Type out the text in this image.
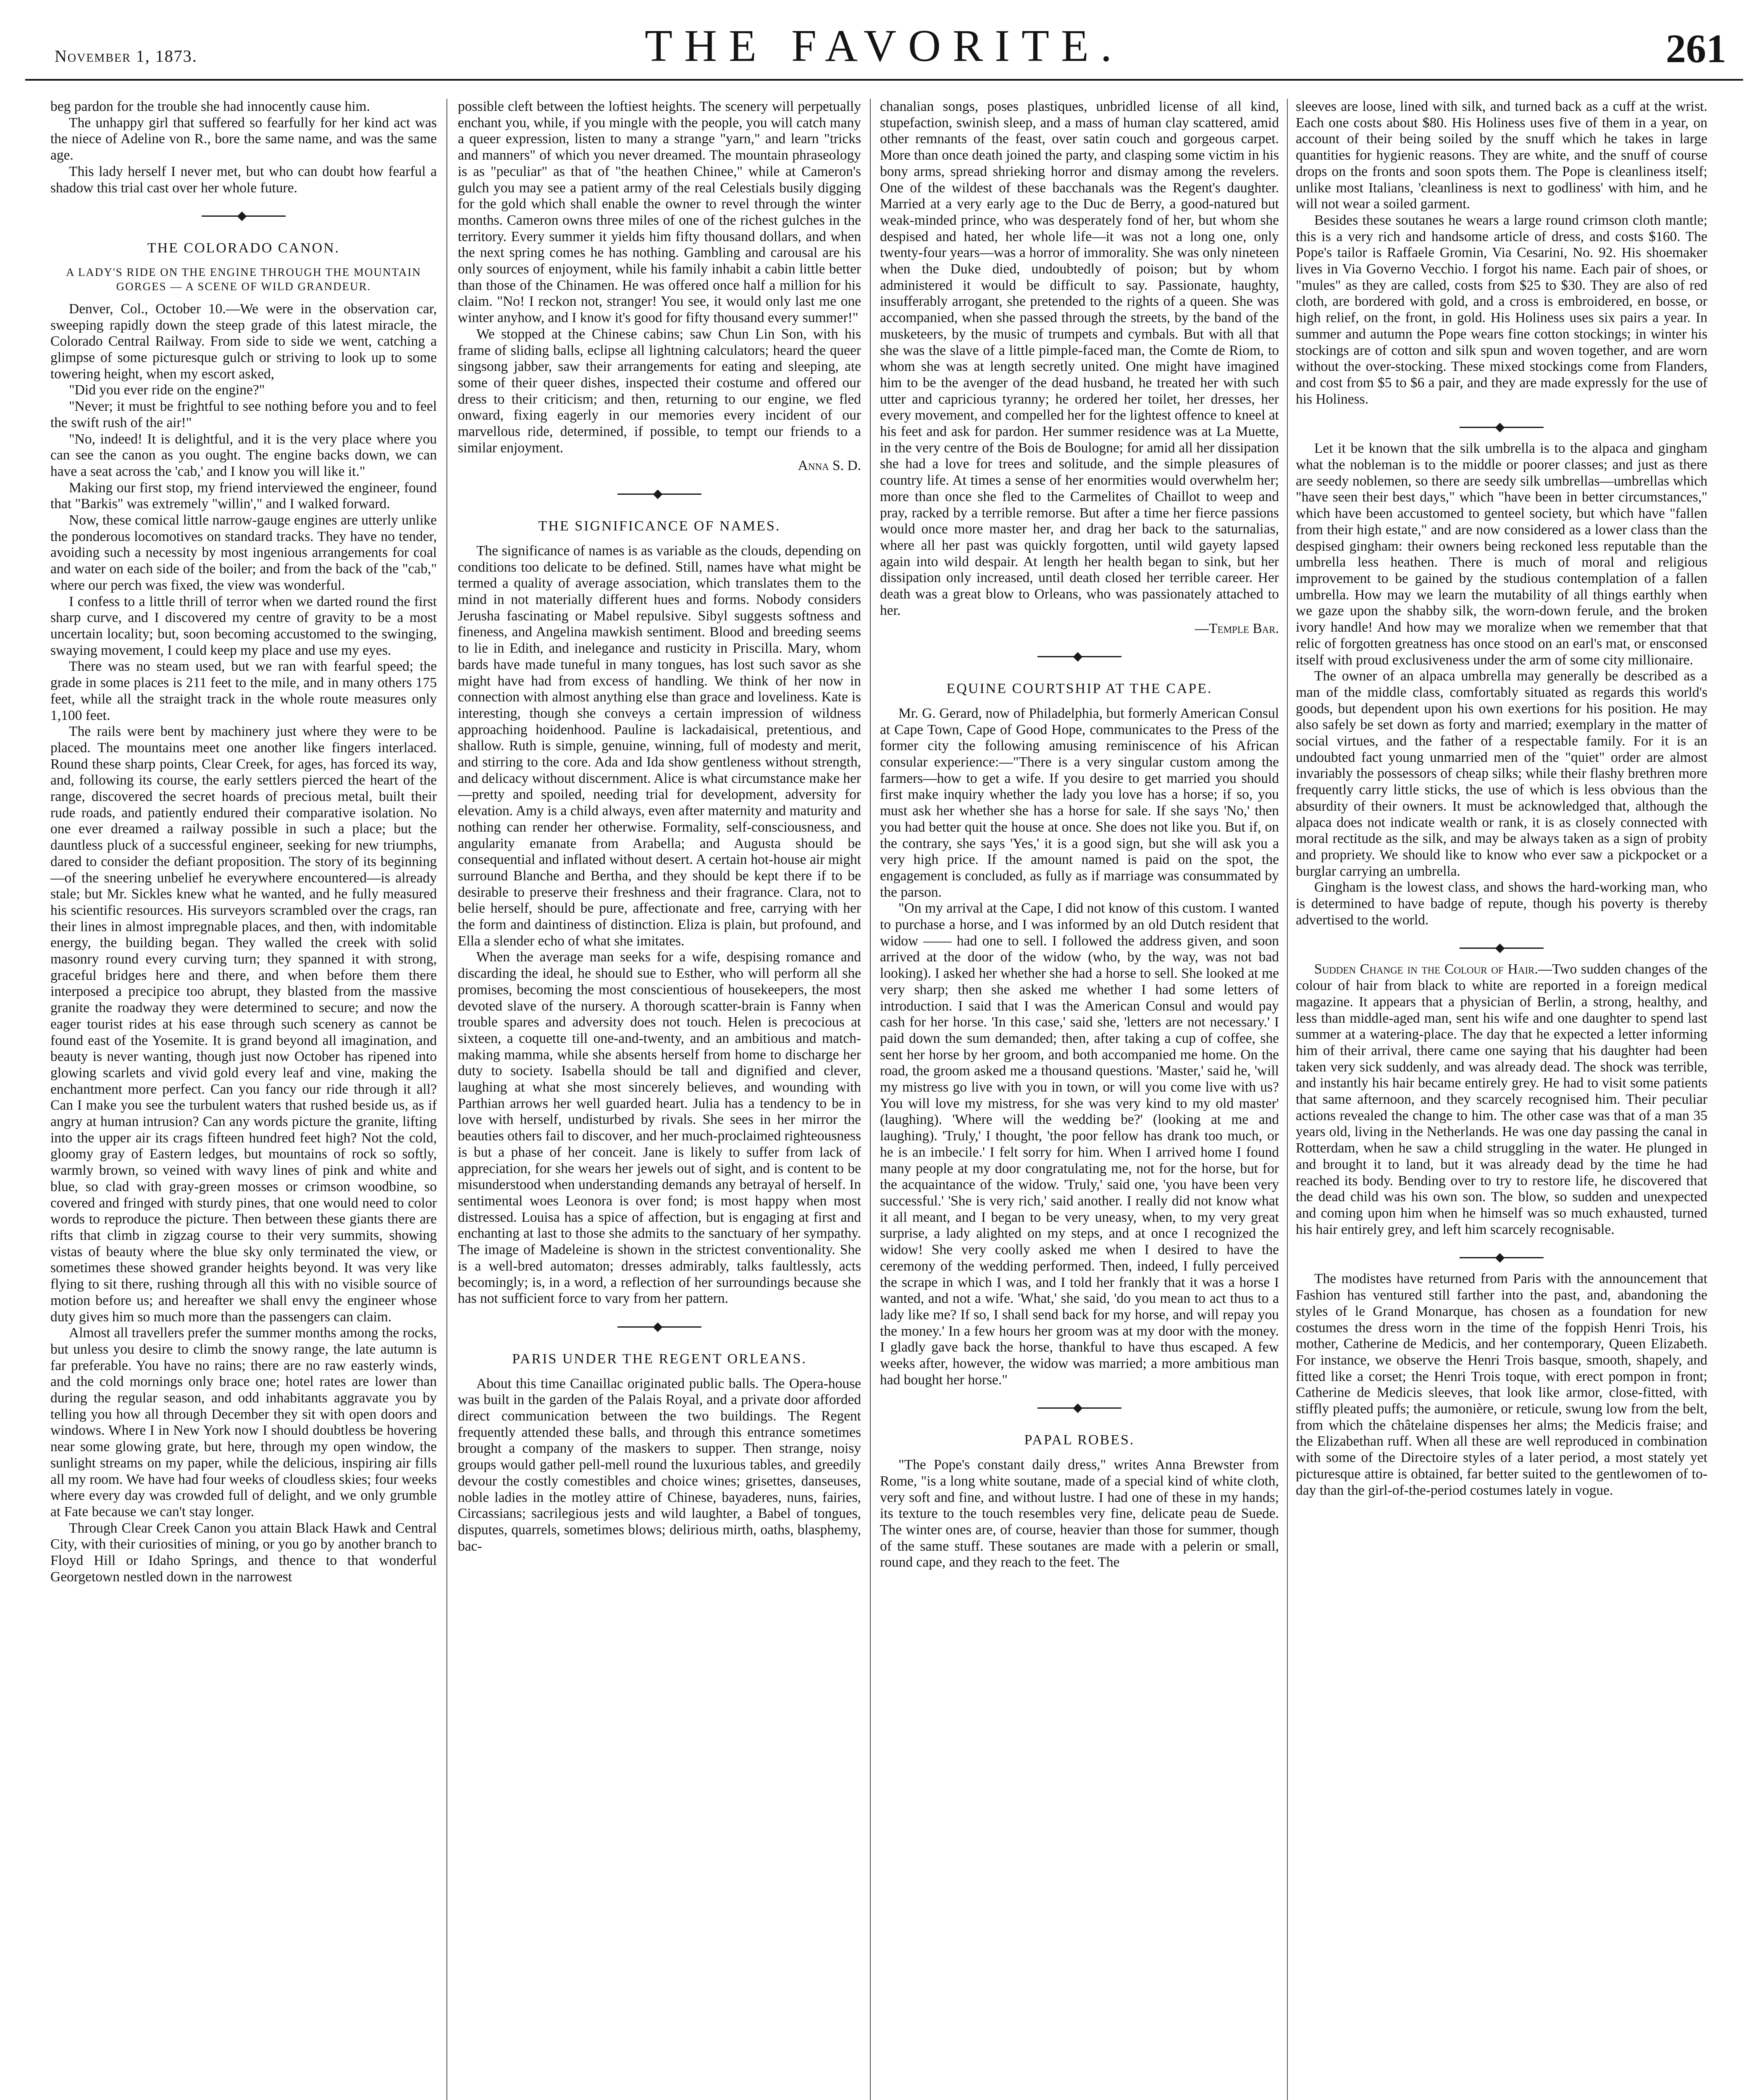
November 1, 1873.	THE FAVORITE.	261

beg pardon for the trouble she had innocently cause him.

The unhappy girl that suffered so fearfully for her kind act was the niece of Adeline von R., bore the same name, and was the same age.

This lady herself I never met, but who can doubt how fearful a shadow this trial cast over her whole future.

THE COLORADO CANON.
A LADY'S RIDE ON THE ENGINE THROUGH THE MOUNTAIN GORGES — A SCENE OF WILD GRANDEUR.

Denver, Col., October 10.—We were in the observation car, sweeping rapidly down the steep grade of this latest miracle, the Colorado Central Railway. From side to side we went, catching a glimpse of some picturesque gulch or striving to look up to some towering height, when my escort asked,

"Did you ever ride on the engine?"

"Never; it must be frightful to see nothing before you and to feel the swift rush of the air!"

"No, indeed! It is delightful, and it is the very place where you can see the canon as you ought. The engine backs down, we can have a seat across the 'cab,' and I know you will like it."

Making our first stop, my friend interviewed the engineer, found that "Barkis" was extremely "willin'," and I walked forward.

Now, these comical little narrow-gauge engines are utterly unlike the ponderous locomotives on standard tracks. They have no tender, avoiding such a necessity by most ingenious arrangements for coal and water on each side of the boiler; and from the back of the "cab," where our perch was fixed, the view was wonderful.

I confess to a little thrill of terror when we darted round the first sharp curve, and I discovered my centre of gravity to be a most uncertain locality; but, soon becoming accustomed to the swinging, swaying movement, I could keep my place and use my eyes.

There was no steam used, but we ran with fearful speed; the grade in some places is 211 feet to the mile, and in many others 175 feet, while all the straight track in the whole route measures only 1,100 feet.

The rails were bent by machinery just where they were to be placed. The mountains meet one another like fingers interlaced. Round these sharp points, Clear Creek, for ages, has forced its way, and, following its course, the early settlers pierced the heart of the range, discovered the secret hoards of precious metal, built their rude roads, and patiently endured their comparative isolation. No one ever dreamed a railway possible in such a place; but the dauntless pluck of a successful engineer, seeking for new triumphs, dared to consider the defiant proposition. The story of its beginning—of the sneering unbelief he everywhere encountered—is already stale; but Mr. Sickles knew what he wanted, and he fully measured his scientific resources. His surveyors scrambled over the crags, ran their lines in almost impregnable places, and then, with indomitable energy, the building began. They walled the creek with solid masonry round every curving turn; they spanned it with strong, graceful bridges here and there, and when before them there interposed a precipice too abrupt, they blasted from the massive granite the roadway they were determined to secure; and now the eager tourist rides at his ease through such scenery as cannot be found east of the Yosemite. It is grand beyond all imagination, and beauty is never wanting, though just now October has ripened into glowing scarlets and vivid gold every leaf and vine, making the enchantment more perfect. Can you fancy our ride through it all? Can I make you see the turbulent waters that rushed beside us, as if angry at human intrusion? Can any words picture the granite, lifting into the upper air its crags fifteen hundred feet high? Not the cold, gloomy gray of Eastern ledges, but mountains of rock so softly, warmly brown, so veined with wavy lines of pink and white and blue, so clad with gray-green mosses or crimson woodbine, so covered and fringed with sturdy pines, that one would need to color words to reproduce the picture. Then between these giants there are rifts that climb in zigzag course to their very summits, showing vistas of beauty where the blue sky only terminated the view, or sometimes these showed grander heights beyond. It was very like flying to sit there, rushing through all this with no visible source of motion before us; and hereafter we shall envy the engineer whose duty gives him so much more than the passengers can claim.

Almost all travellers prefer the summer months among the rocks, but unless you desire to climb the snowy range, the late autumn is far preferable. You have no rains; there are no raw easterly winds, and the cold mornings only brace one; hotel rates are lower than during the regular season, and odd inhabitants aggravate you by telling you how all through December they sit with open doors and windows. Where I in New York now I should doubtless be hovering near some glowing grate, but here, through my open window, the sunlight streams on my paper, while the delicious, inspiring air fills all my room. We have had four weeks of cloudless skies; four weeks where every day was crowded full of delight, and we only grumble at Fate because we can't stay longer.

Through Clear Creek Canon you attain Black Hawk and Central City, with their curiosities of mining, or you go by another branch to Floyd Hill or Idaho Springs, and thence to that wonderful Georgetown nestled down in the narrowest

possible cleft between the loftiest heights. The scenery will perpetually enchant you, while, if you mingle with the people, you will catch many a queer expression, listen to many a strange "yarn," and learn "tricks and manners" of which you never dreamed. The mountain phraseology is as "peculiar" as that of "the heathen Chinee," while at Cameron's gulch you may see a patient army of the real Celestials busily digging for the gold which shall enable the owner to revel through the winter months. Cameron owns three miles of one of the richest gulches in the territory. Every summer it yields him fifty thousand dollars, and when the next spring comes he has nothing. Gambling and carousal are his only sources of enjoyment, while his family inhabit a cabin little better than those of the Chinamen. He was offered once half a million for his claim. "No! I reckon not, stranger! You see, it would only last me one winter anyhow, and I know it's good for fifty thousand every summer!"

We stopped at the Chinese cabins; saw Chun Lin Son, with his frame of sliding balls, eclipse all lightning calculators; heard the queer singsong jabber, saw their arrangements for eating and sleeping, ate some of their queer dishes, inspected their costume and offered our dress to their criticism; and then, returning to our engine, we fled onward, fixing eagerly in our memories every incident of our marvellous ride, determined, if possible, to tempt our friends to a similar enjoyment.

Anna S. D.
THE SIGNIFICANCE OF NAMES.

The significance of names is as variable as the clouds, depending on conditions too delicate to be defined. Still, names have what might be termed a quality of average association, which translates them to the mind in not materially different hues and forms. Nobody considers Jerusha fascinating or Mabel repulsive. Sibyl suggests softness and fineness, and Angelina mawkish sentiment. Blood and breeding seems to lie in Edith, and inelegance and rusticity in Priscilla. Mary, whom bards have made tuneful in many tongues, has lost such savor as she might have had from excess of handling. We think of her now in connection with almost anything else than grace and loveliness. Kate is interesting, though she conveys a certain impression of wildness approaching hoidenhood. Pauline is lackadaisical, pretentious, and shallow. Ruth is simple, genuine, winning, full of modesty and merit, and stirring to the core. Ada and Ida show gentleness without strength, and delicacy without discernment. Alice is what circumstance make her —pretty and spoiled, needing trial for development, adversity for elevation. Amy is a child always, even after maternity and maturity and nothing can render her otherwise. Formality, self-consciousness, and angularity emanate from Arabella; and Augusta should be consequential and inflated without desert. A certain hot-house air might surround Blanche and Bertha, and they should be kept there if to be desirable to preserve their freshness and their fragrance. Clara, not to belie herself, should be pure, affectionate and free, carrying with her the form and daintiness of distinction. Eliza is plain, but profound, and Ella a slender echo of what she imitates.

When the average man seeks for a wife, despising romance and discarding the ideal, he should sue to Esther, who will perform all she promises, becoming the most conscientious of housekeepers, the most devoted slave of the nursery. A thorough scatter-brain is Fanny when trouble spares and adversity does not touch. Helen is precocious at sixteen, a coquette till one-and-twenty, and an ambitious and match-making mamma, while she absents herself from home to discharge her duty to society. Isabella should be tall and dignified and clever, laughing at what she most sincerely believes, and wounding with Parthian arrows her well guarded heart. Julia has a tendency to be in love with herself, undisturbed by rivals. She sees in her mirror the beauties others fail to discover, and her much-proclaimed righteousness is but a phase of her conceit. Jane is likely to suffer from lack of appreciation, for she wears her jewels out of sight, and is content to be misunderstood when understanding demands any betrayal of herself. In sentimental woes Leonora is over fond; is most happy when most distressed. Louisa has a spice of affection, but is engaging at first and enchanting at last to those she admits to the sanctuary of her sympathy. The image of Madeleine is shown in the strictest conventionality. She is a well-bred automaton; dresses admirably, talks faultlessly, acts becomingly; is, in a word, a reflection of her surroundings because she has not sufficient force to vary from her pattern.

PARIS UNDER THE REGENT ORLEANS.

About this time Canaillac originated public balls. The Opera-house was built in the garden of the Palais Royal, and a private door afforded direct communication between the two buildings. The Regent frequently attended these balls, and through this entrance sometimes brought a company of the maskers to supper. Then strange, noisy groups would gather pell-mell round the luxurious tables, and greedily devour the costly comestibles and choice wines; grisettes, danseuses, noble ladies in the motley attire of Chinese, bayaderes, nuns, fairies, Circassians; sacrilegious jests and wild laughter, a Babel of tongues, disputes, quarrels, sometimes blows; delirious mirth, oaths, blasphemy, bac-

chanalian songs, poses plastiques, unbridled license of all kind, stupefaction, swinish sleep, and a mass of human clay scattered, amid other remnants of the feast, over satin couch and gorgeous carpet. More than once death joined the party, and clasping some victim in his bony arms, spread shrieking horror and dismay among the revelers. One of the wildest of these bacchanals was the Regent's daughter. Married at a very early age to the Duc de Berry, a good-natured but weak-minded prince, who was desperately fond of her, but whom she despised and hated, her whole life—it was not a long one, only twenty-four years—was a horror of immorality. She was only nineteen when the Duke died, undoubtedly of poison; but by whom administered it would be difficult to say. Passionate, haughty, insufferably arrogant, she pretended to the rights of a queen. She was accompanied, when she passed through the streets, by the band of the musketeers, by the music of trumpets and cymbals. But with all that she was the slave of a little pimple-faced man, the Comte de Riom, to whom she was at length secretly united. One might have imagined him to be the avenger of the dead husband, he treated her with such utter and capricious tyranny; he ordered her toilet, her dresses, her every movement, and compelled her for the lightest offence to kneel at his feet and ask for pardon. Her summer residence was at La Muette, in the very centre of the Bois de Boulogne; for amid all her dissipation she had a love for trees and solitude, and the simple pleasures of country life. At times a sense of her enormities would overwhelm her; more than once she fled to the Carmelites of Chaillot to weep and pray, racked by a terrible remorse. But after a time her fierce passions would once more master her, and drag her back to the saturnalias, where all her past was quickly forgotten, until wild gayety lapsed again into wild despair. At length her health began to sink, but her dissipation only increased, until death closed her terrible career. Her death was a great blow to Orleans, who was passionately attached to her.

—Temple Bar.
EQUINE COURTSHIP AT THE CAPE.

Mr. G. Gerard, now of Philadelphia, but formerly American Consul at Cape Town, Cape of Good Hope, communicates to the Press of the former city the following amusing reminiscence of his African consular experience:—"There is a very singular custom among the farmers—how to get a wife. If you desire to get married you should first make inquiry whether the lady you love has a horse; if so, you must ask her whether she has a horse for sale. If she says 'No,' then you had better quit the house at once. She does not like you. But if, on the contrary, she says 'Yes,' it is a good sign, but she will ask you a very high price. If the amount named is paid on the spot, the engagement is concluded, as fully as if marriage was consummated by the parson.

"On my arrival at the Cape, I did not know of this custom. I wanted to purchase a horse, and I was informed by an old Dutch resident that widow —— had one to sell. I followed the address given, and soon arrived at the door of the widow (who, by the way, was not bad looking). I asked her whether she had a horse to sell. She looked at me very sharp; then she asked me whether I had some letters of introduction. I said that I was the American Consul and would pay cash for her horse. 'In this case,' said she, 'letters are not necessary.' I paid down the sum demanded; then, after taking a cup of coffee, she sent her horse by her groom, and both accompanied me home. On the road, the groom asked me a thousand questions. 'Master,' said he, 'will my mistress go live with you in town, or will you come live with us? You will love my mistress, for she was very kind to my old master' (laughing). 'Where will the wedding be?' (looking at me and laughing). 'Truly,' I thought, 'the poor fellow has drank too much, or he is an imbecile.' I felt sorry for him. When I arrived home I found many people at my door congratulating me, not for the horse, but for the acquaintance of the widow. 'Truly,' said one, 'you have been very successful.' 'She is very rich,' said another. I really did not know what it all meant, and I began to be very uneasy, when, to my very great surprise, a lady alighted on my steps, and at once I recognized the widow! She very coolly asked me when I desired to have the ceremony of the wedding performed. Then, indeed, I fully perceived the scrape in which I was, and I told her frankly that it was a horse I wanted, and not a wife. 'What,' she said, 'do you mean to act thus to a lady like me? If so, I shall send back for my horse, and will repay you the money.' In a few hours her groom was at my door with the money. I gladly gave back the horse, thankful to have thus escaped. A few weeks after, however, the widow was married; a more ambitious man had bought her horse."

PAPAL ROBES.

"The Pope's constant daily dress," writes Anna Brewster from Rome, "is a long white soutane, made of a special kind of white cloth, very soft and fine, and without lustre. I had one of these in my hands; its texture to the touch resembles very fine, delicate peau de Suede. The winter ones are, of course, heavier than those for summer, though of the same stuff. These soutanes are made with a pelerin or small, round cape, and they reach to the feet. The

sleeves are loose, lined with silk, and turned back as a cuff at the wrist. Each one costs about $80. His Holiness uses five of them in a year, on account of their being soiled by the snuff which he takes in large quantities for hygienic reasons. They are white, and the snuff of course drops on the fronts and soon spots them. The Pope is cleanliness itself; unlike most Italians, 'cleanliness is next to godliness' with him, and he will not wear a soiled garment.

Besides these soutanes he wears a large round crimson cloth mantle; this is a very rich and handsome article of dress, and costs $160. The Pope's tailor is Raffaele Gromin, Via Cesarini, No. 92. His shoemaker lives in Via Governo Vecchio. I forgot his name. Each pair of shoes, or "mules" as they are called, costs from $25 to $30. They are also of red cloth, are bordered with gold, and a cross is embroidered, en bosse, or high relief, on the front, in gold. His Holiness uses six pairs a year. In summer and autumn the Pope wears fine cotton stockings; in winter his stockings are of cotton and silk spun and woven together, and are worn without the over-stocking. These mixed stockings come from Flanders, and cost from $5 to $6 a pair, and they are made expressly for the use of his Holiness.

Let it be known that the silk umbrella is to the alpaca and gingham what the nobleman is to the middle or poorer classes; and just as there are seedy noblemen, so there are seedy silk umbrellas—umbrellas which "have seen their best days," which "have been in better circumstances," which have been accustomed to genteel society, but which have "fallen from their high estate," and are now considered as a lower class than the despised gingham: their owners being reckoned less reputable than the umbrella less heathen. There is much of moral and religious improvement to be gained by the studious contemplation of a fallen umbrella. How may we learn the mutability of all things earthly when we gaze upon the shabby silk, the worn-down ferule, and the broken ivory handle! And how may we moralize when we remember that that relic of forgotten greatness has once stood on an earl's mat, or ensconsed itself with proud exclusiveness under the arm of some city millionaire.

The owner of an alpaca umbrella may generally be described as a man of the middle class, comfortably situated as regards this world's goods, but dependent upon his own exertions for his position. He may also safely be set down as forty and married; exemplary in the matter of social virtues, and the father of a respectable family. For it is an undoubted fact young unmarried men of the "quiet" order are almost invariably the possessors of cheap silks; while their flashy brethren more frequently carry little sticks, the use of which is less obvious than the absurdity of their owners. It must be acknowledged that, although the alpaca does not indicate wealth or rank, it is as closely connected with moral rectitude as the silk, and may be always taken as a sign of probity and propriety. We should like to know who ever saw a pickpocket or a burglar carrying an umbrella.

Gingham is the lowest class, and shows the hard-working man, who is determined to have badge of repute, though his poverty is thereby advertised to the world.

Sudden Change in the Colour of Hair.—Two sudden changes of the colour of hair from black to white are reported in a foreign medical magazine. It appears that a physician of Berlin, a strong, healthy, and less than middle-aged man, sent his wife and one daughter to spend last summer at a watering-place. The day that he expected a letter informing him of their arrival, there came one saying that his daughter had been taken very sick suddenly, and was already dead. The shock was terrible, and instantly his hair became entirely grey. He had to visit some patients that same afternoon, and they scarcely recognised him. Their peculiar actions revealed the change to him. The other case was that of a man 35 years old, living in the Netherlands. He was one day passing the canal in Rotterdam, when he saw a child struggling in the water. He plunged in and brought it to land, but it was already dead by the time he had reached its body. Bending over to try to restore life, he discovered that the dead child was his own son. The blow, so sudden and unexpected and coming upon him when he himself was so much exhausted, turned his hair entirely grey, and left him scarcely recognisable.

The modistes have returned from Paris with the announcement that Fashion has ventured still farther into the past, and, abandoning the styles of le Grand Monarque, has chosen as a foundation for new costumes the dress worn in the time of the foppish Henri Trois, his mother, Catherine de Medicis, and her contemporary, Queen Elizabeth. For instance, we observe the Henri Trois basque, smooth, shapely, and fitted like a corset; the Henri Trois toque, with erect pompon in front; Catherine de Medicis sleeves, that look like armor, close-fitted, with stiffly pleated puffs; the aumonière, or reticule, swung low from the belt, from which the châtelaine dispenses her alms; the Medicis fraise; and the Elizabethan ruff. When all these are well reproduced in combination with some of the Directoire styles of a later period, a most stately yet picturesque attire is obtained, far better suited to the gentlewomen of to-day than the girl-of-the-period costumes lately in vogue.
